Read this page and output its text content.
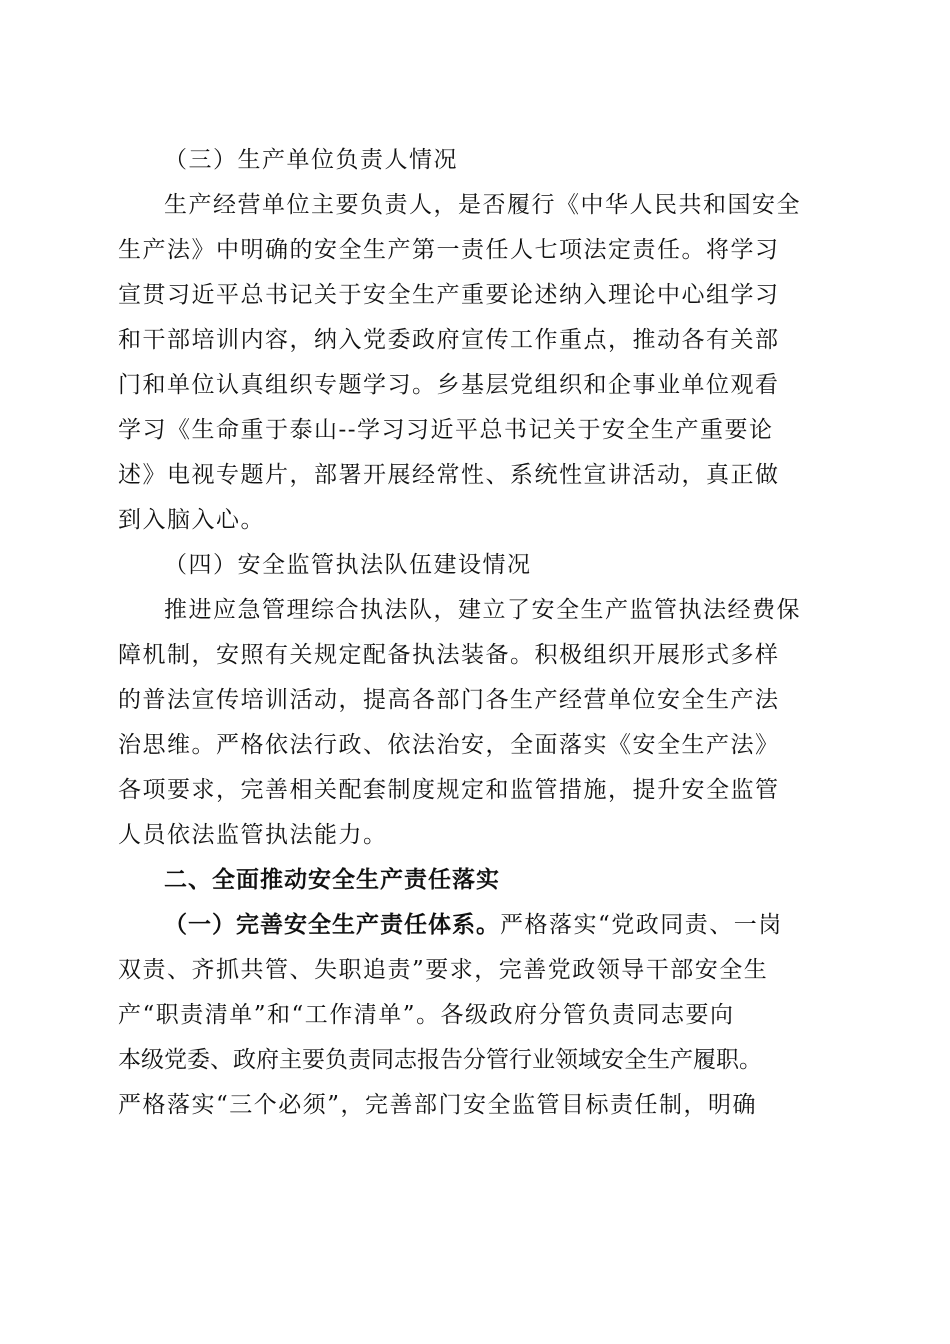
（三）生产单位负责人情况
生产经营单位主要负责人，是否履行《中华人民共和国安全
生产法》中明确的安全生产第一责任人七项法定责任。将学习
宣贯习近平总书记关于安全生产重要论述纳入理论中心组学习
和干部培训内容，纳入党委政府宣传工作重点，推动各有关部
门和单位认真组织专题学习。乡基层党组织和企事业单位观看
学习《生命重于泰山--学习习近平总书记关于安全生产重要论
述》电视专题片，部署开展经常性、系统性宣讲活动，真正做
到入脑入心。
（四）安全监管执法队伍建设情况
推进应急管理综合执法队，建立了安全生产监管执法经费保
障机制，安照有关规定配备执法装备。积极组织开展形式多样
的普法宣传培训活动，提高各部门各生产经营单位安全生产法
治思维。严格依法行政、依法治安，全面落实《安全生产法》
各项要求，完善相关配套制度规定和监管措施，提升安全监管
人员依法监管执法能力。
二、全面推动安全生产责任落实
（一）完善安全生产责任体系。严格落实“党政同责、一岗
双责、齐抓共管、失职追责”要求，完善党政领导干部安全生
产“职责清单”和“工作清单”。各级政府分管负责同志要向
本级党委、政府主要负责同志报告分管行业领域安全生产履职。
严格落实“三个必须”，完善部门安全监管目标责任制，明确
